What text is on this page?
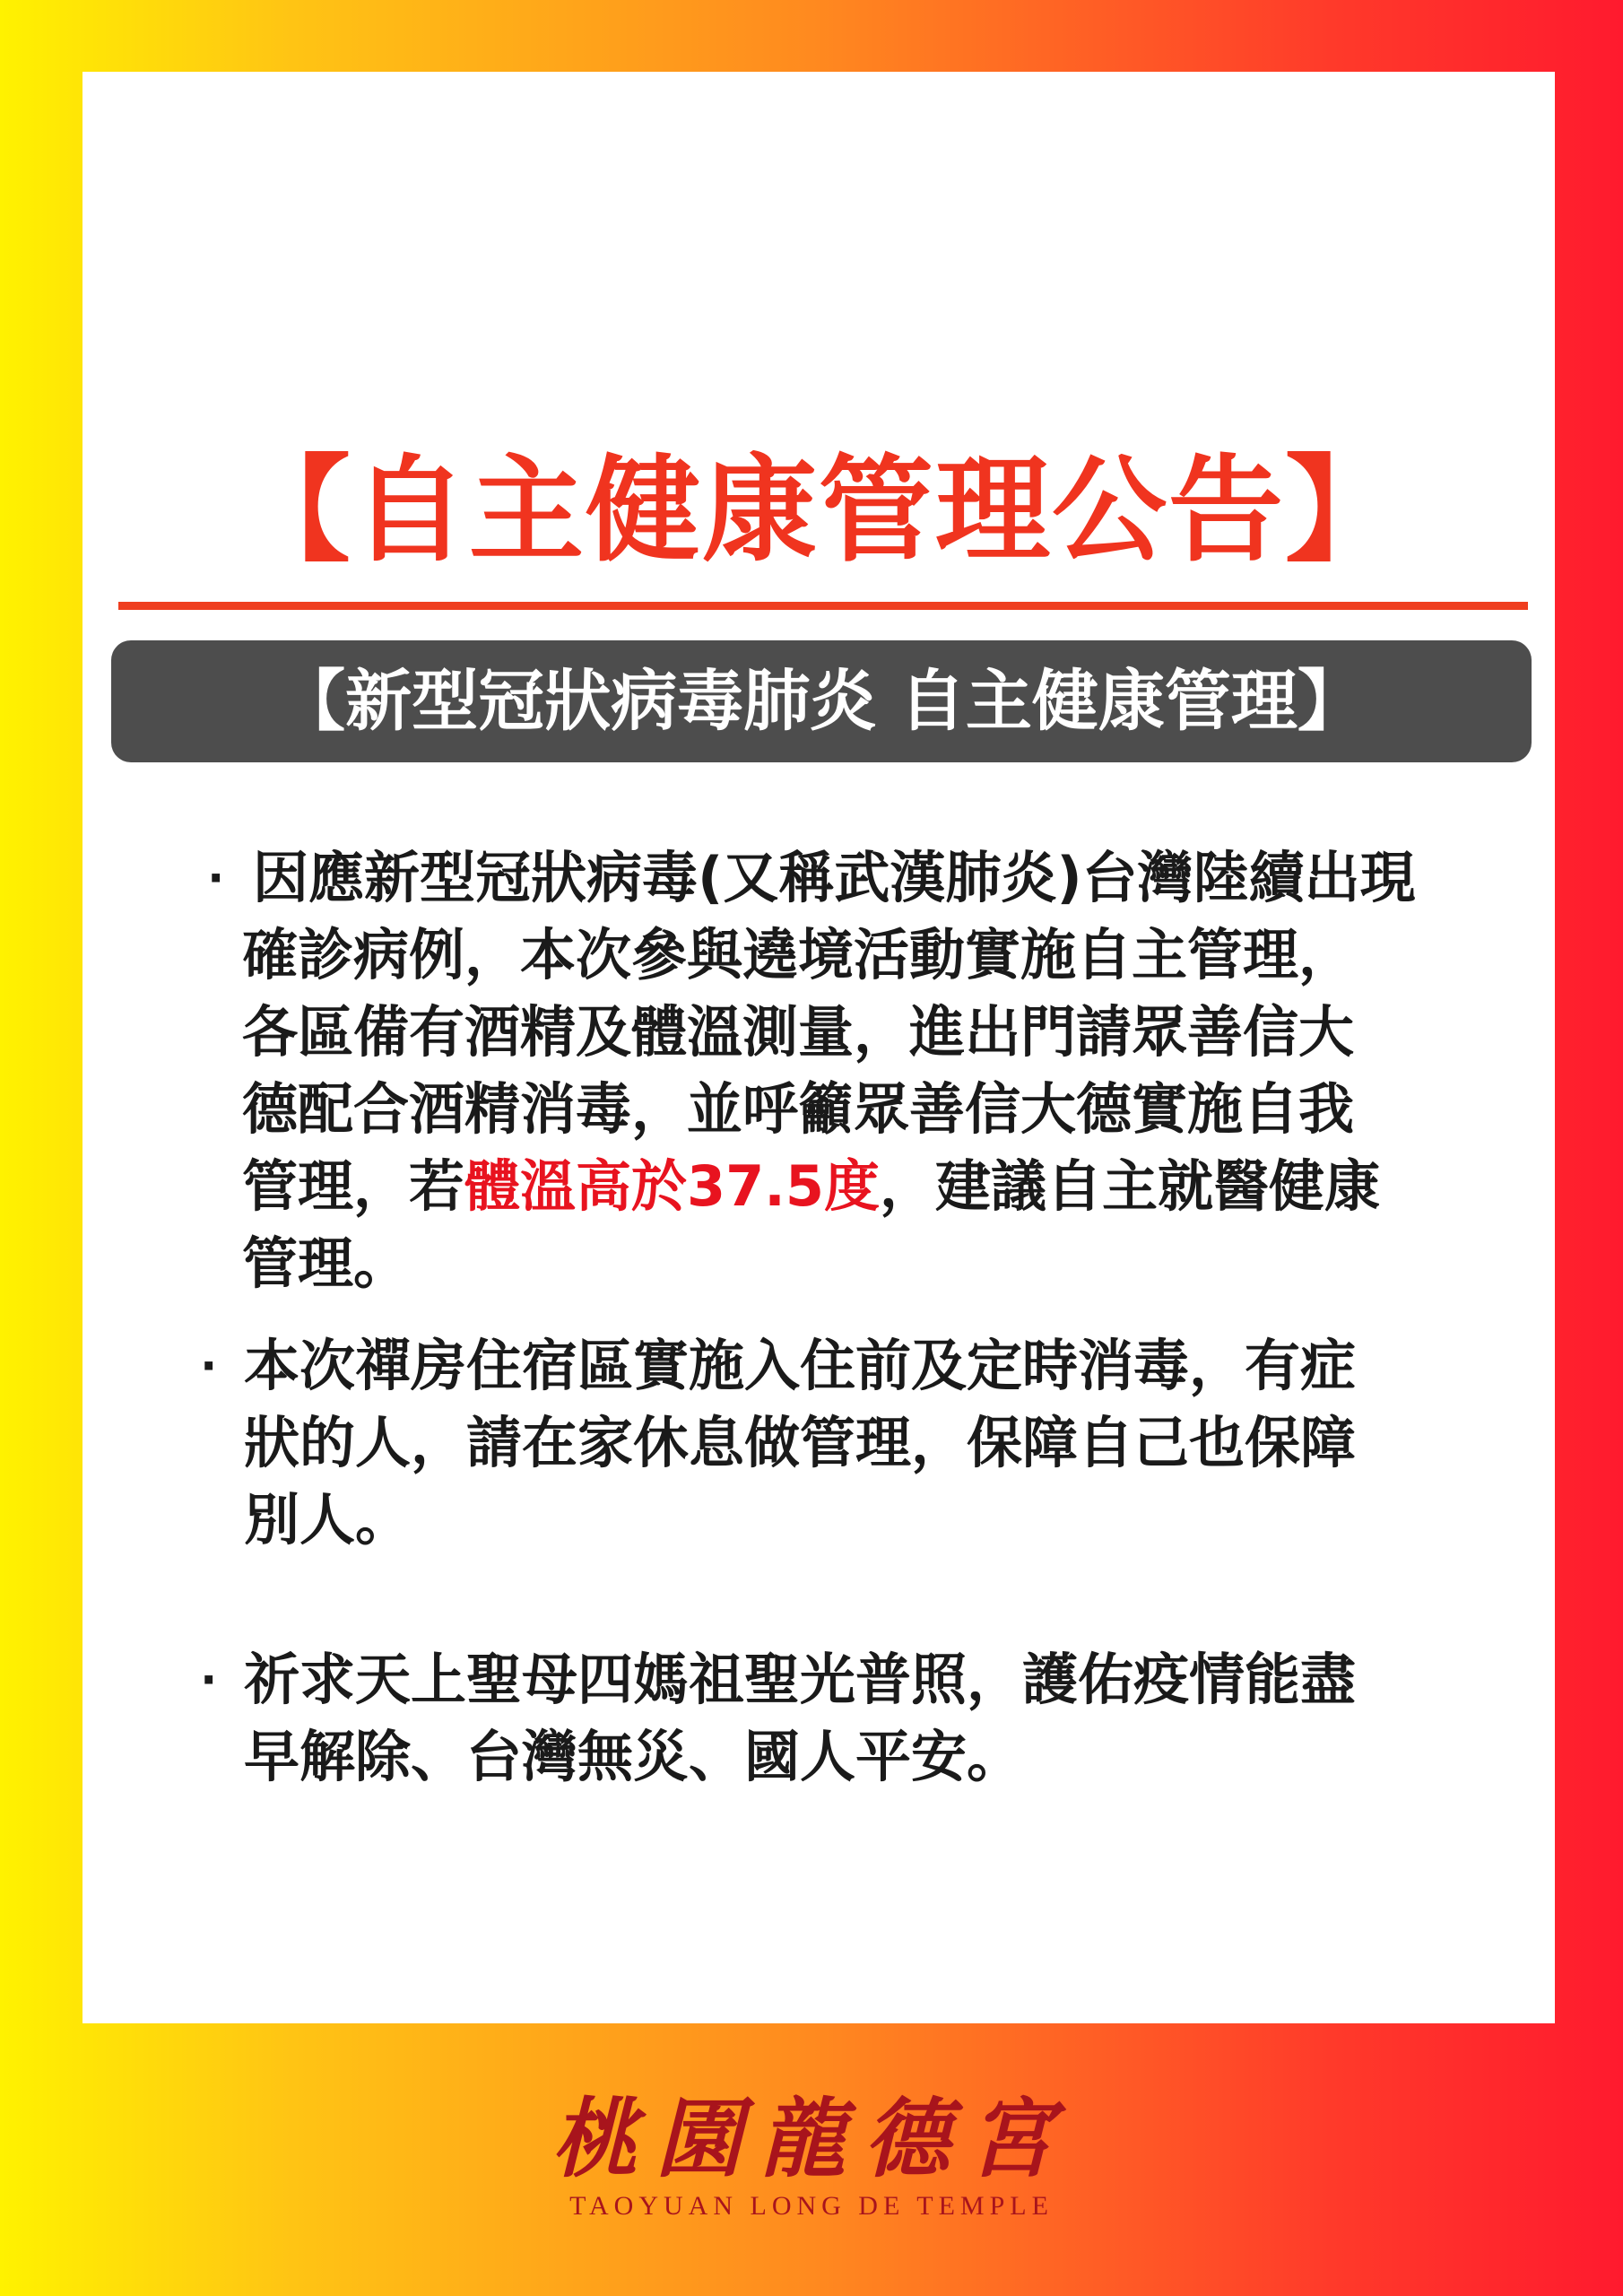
【自主健康管理公告】
【新型冠狀病毒肺炎 自主健康管理】
‧ 因應新型冠狀病毒(又稱武漢肺炎)台灣陸續出現
確診病例，本次參與遶境活動實施自主管理，
各區備有酒精及體溫測量，進出門請眾善信大
德配合酒精消毒，並呼籲眾善信大德實施自我
管理，若體溫高於37.5度，建議自主就醫健康
管理。
‧ 本次禪房住宿區實施入住前及定時消毒，有症
狀的人，請在家休息做管理，保障自己也保障
別人。
‧ 祈求天上聖母四媽祖聖光普照，護佑疫情能盡
早解除、台灣無災、國人平安。
桃園龍德宮
TAOYUAN LONG DE TEMPLE
